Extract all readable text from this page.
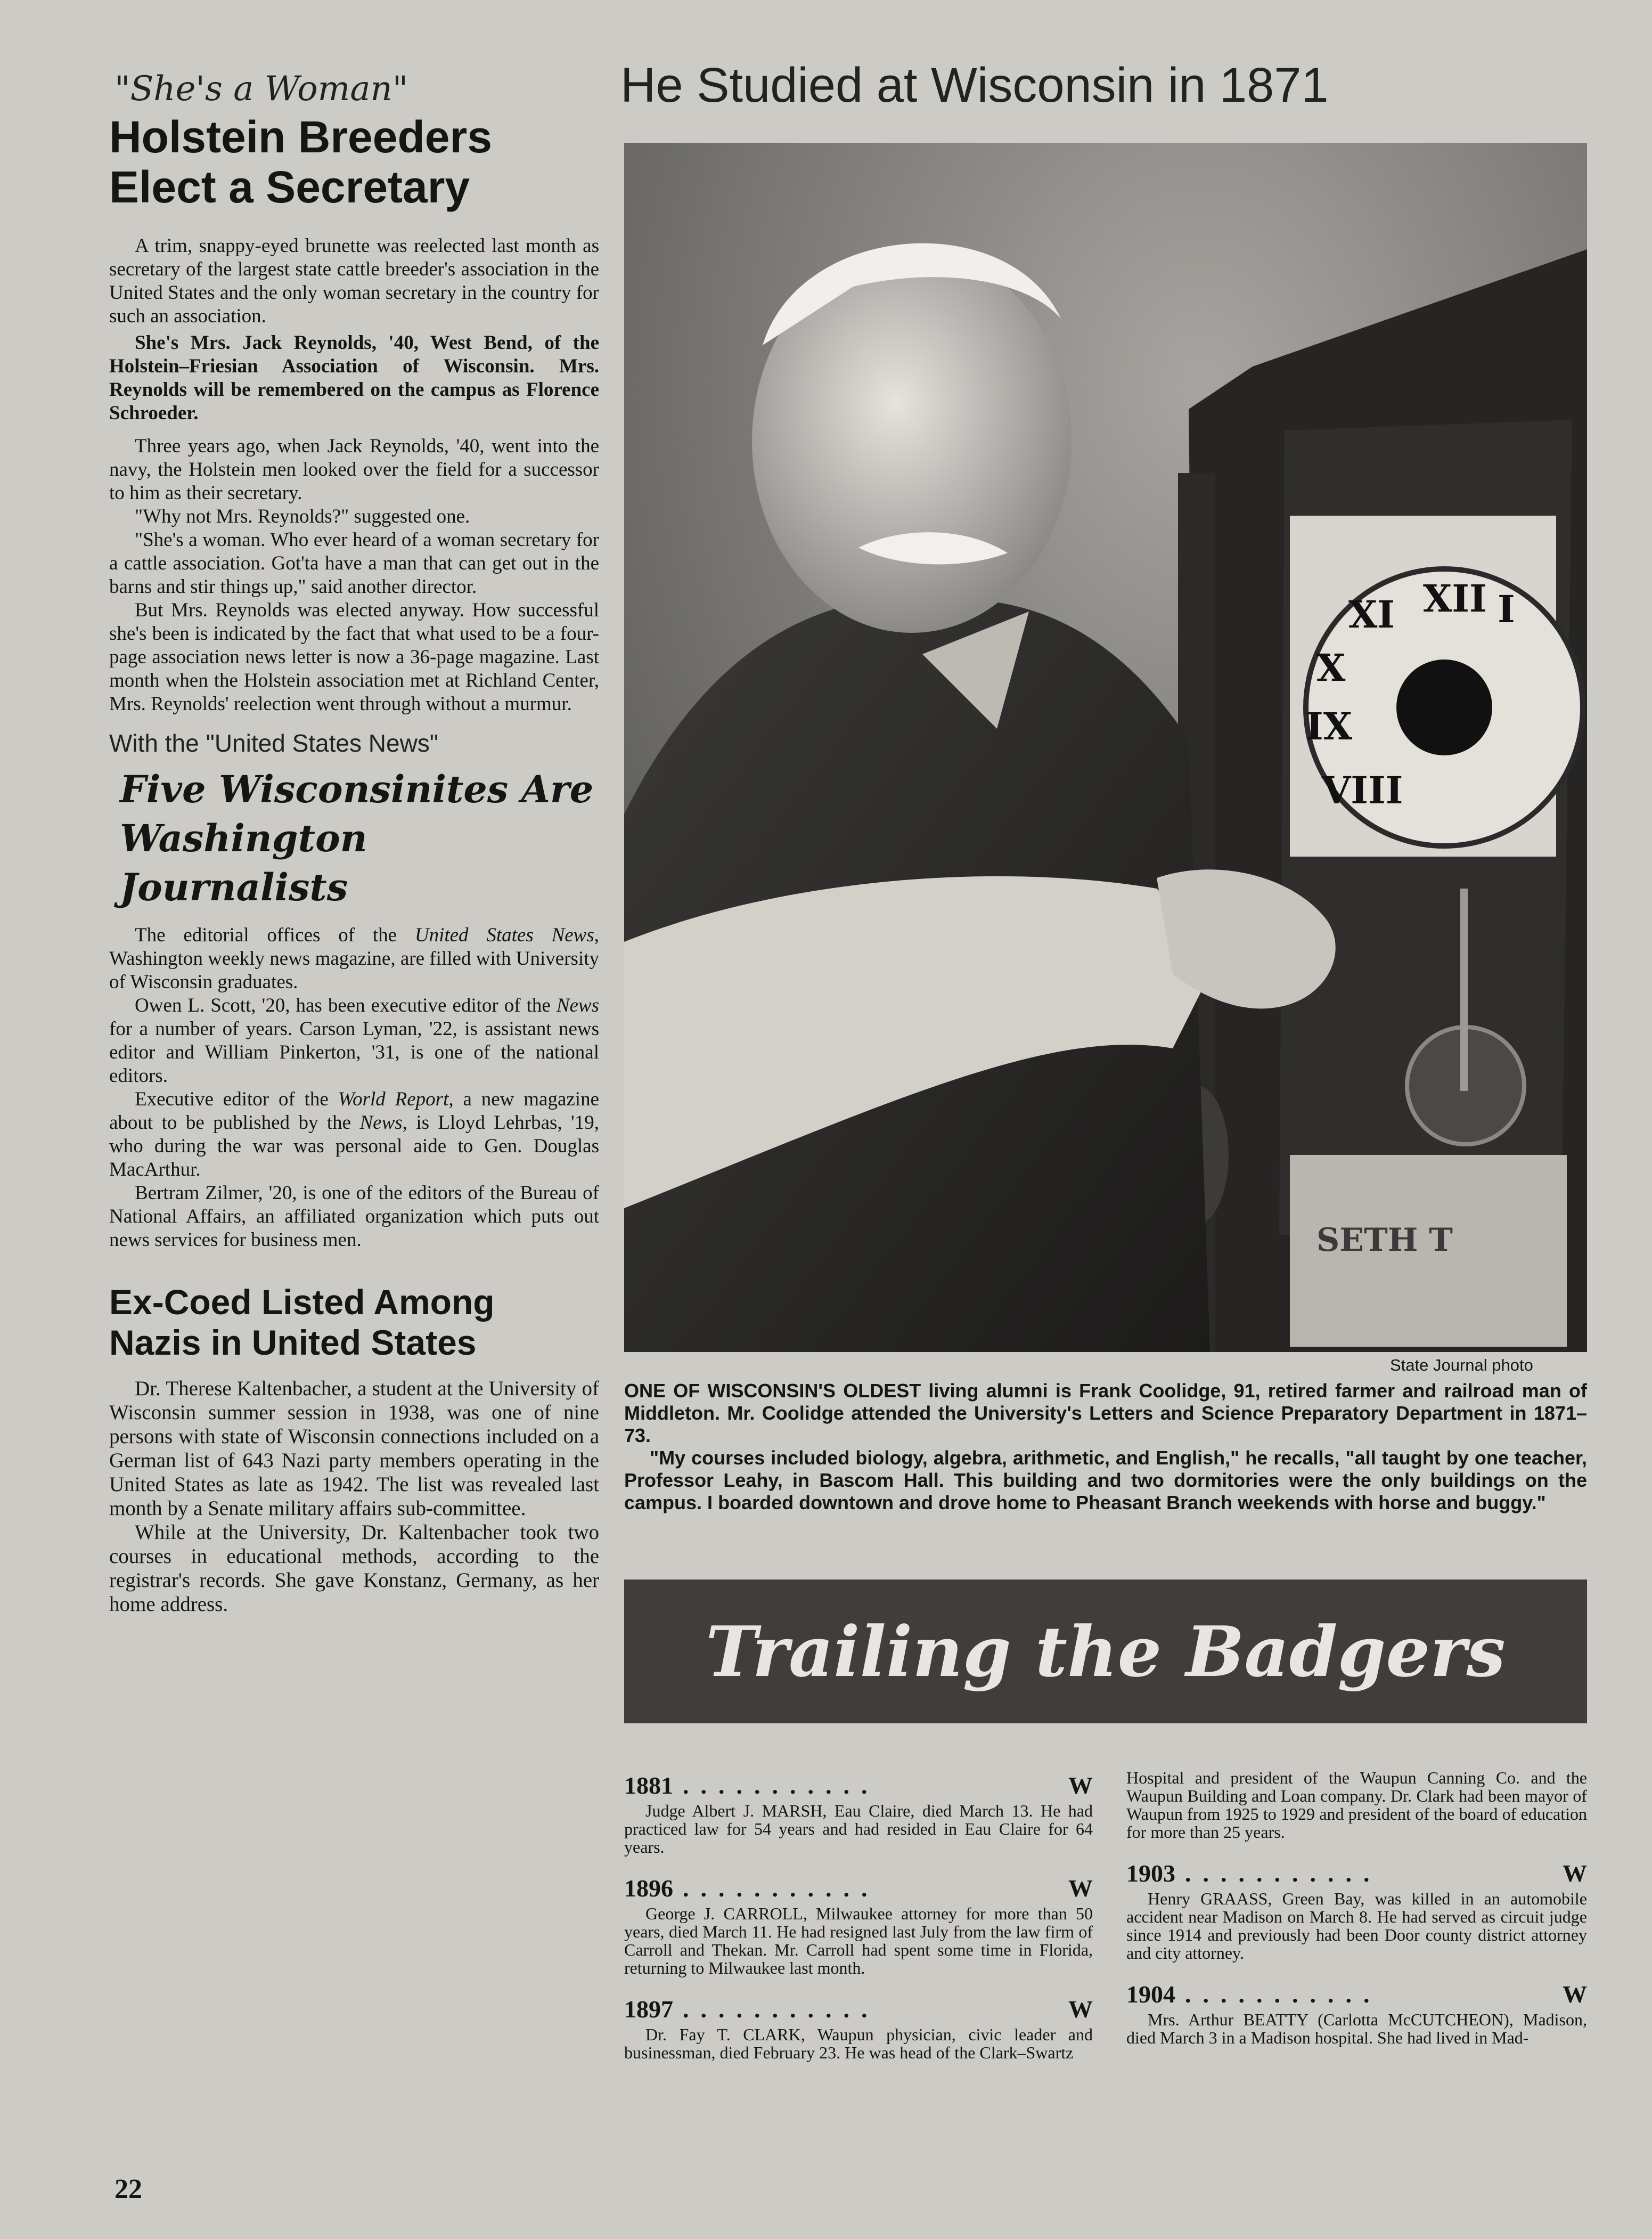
"She's a Woman"
Holstein Breeders
Elect a Secretary

A trim, snappy-eyed brunette was reelected last month as secretary of the largest state cattle breeder's association in the United States and the only woman secretary in the country for such an association.

She's Mrs. Jack Reynolds, '40, West Bend, of the Holstein–Friesian Association of Wisconsin. Mrs. Reynolds will be remembered on the campus as Florence Schroeder.

Three years ago, when Jack Reynolds, '40, went into the navy, the Holstein men looked over the field for a successor to him as their secretary.

"Why not Mrs. Reynolds?" suggested one.

"She's a woman. Who ever heard of a woman secretary for a cattle association. Got'ta have a man that can get out in the barns and stir things up," said another director.

But Mrs. Reynolds was elected anyway. How successful she's been is indicated by the fact that what used to be a four-page association news letter is now a 36-page magazine. Last month when the Holstein association met at Richland Center, Mrs. Reynolds' reelection went through without a murmur.

With the "United States News"
Five Wisconsinites Are
Washington Journalists

The editorial offices of the United States News, Washington weekly news magazine, are filled with University of Wisconsin graduates.

Owen L. Scott, '20, has been executive editor of the News for a number of years. Carson Lyman, '22, is assistant news editor and William Pinkerton, '31, is one of the national editors.

Executive editor of the World Report, a new magazine about to be published by the News, is Lloyd Lehrbas, '19, who during the war was personal aide to Gen. Douglas MacArthur.

Bertram Zilmer, '20, is one of the editors of the Bureau of National Affairs, an affiliated organization which puts out news services for business men.

Ex-Coed Listed Among
Nazis in United States

Dr. Therese Kaltenbacher, a student at the University of Wisconsin summer session in 1938, was one of nine persons with state of Wisconsin connections included on a German list of 643 Nazi party members operating in the United States as late as 1942. The list was revealed last month by a Senate military affairs sub-committee.

While at the University, Dr. Kaltenbacher took two courses in educational methods, according to the registrar's records. She gave Konstanz, Germany, as her home address.

22
He Studied at Wisconsin in 1871
XII I
XI
X
IX
VIII
SETH T
State Journal photo

ONE OF WISCONSIN'S OLDEST living alumni is Frank Coolidge, 91, retired farmer and railroad man of Middleton. Mr. Coolidge attended the University's Letters and Science Preparatory Department in 1871–73.

"My courses included biology, algebra, arithmetic, and English," he recalls, "all taught by one teacher, Professor Leahy, in Bascom Hall. This building and two dormitories were the only buildings on the campus. I boarded downtown and drove home to Pheasant Branch weekends with horse and buggy."

Trailing the Badgers
1881 ...........	W

Judge Albert J. MARSH, Eau Claire, died March 13. He had practiced law for 54 years and had resided in Eau Claire for 64 years.

1896 ...........	W

George J. CARROLL, Milwaukee attorney for more than 50 years, died March 11. He had resigned last July from the law firm of Carroll and Thekan. Mr. Carroll had spent some time in Florida, returning to Milwaukee last month.

1897 ...........	W

Dr. Fay T. CLARK, Waupun physician, civic leader and businessman, died February 23. He was head of the Clark–Swartz

Hospital and president of the Waupun Canning Co. and the Waupun Building and Loan company. Dr. Clark had been mayor of Waupun from 1925 to 1929 and president of the board of education for more than 25 years.

1903 ...........	W

Henry GRAASS, Green Bay, was killed in an automobile accident near Madison on March 8. He had served as circuit judge since 1914 and previously had been Door county district attorney and city attorney.

1904 ...........	W

Mrs. Arthur BEATTY (Carlotta McCUTCHEON), Madison, died March 3 in a Madison hospital. She had lived in Mad-
